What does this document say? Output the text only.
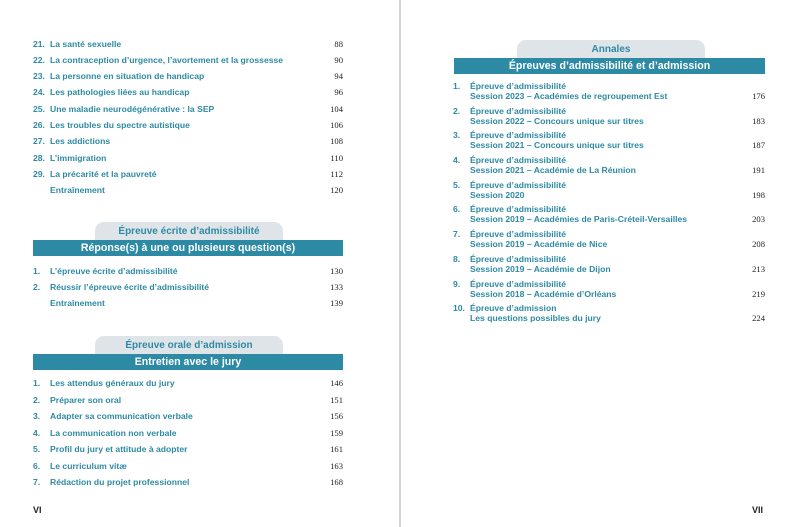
21. La santé sexuelle	88
22. La contraception d’urgence, l’avortement et la grossesse	90
23. La personne en situation de handicap	94
24. Les pathologies liées au handicap	96
25. Une maladie neurodégénérative : la SEP	104
26. Les troubles du spectre autistique	106
27. Les addictions	108
28. L’immigration	110
29. La précarité et la pauvreté	112
Entraînement	120
Épreuve écrite d’admissibilité
Réponse(s) à une ou plusieurs question(s)
1. L’épreuve écrite d’admissibilité	130
2. Réussir l’épreuve écrite d’admissibilité	133
Entraînement	139
Épreuve orale d’admission
Entretien avec le jury
1. Les attendus généraux du jury	146
2. Préparer son oral	151
3. Adapter sa communication verbale	156
4. La communication non verbale	159
5. Profil du jury et attitude à adopter	161
6. Le curriculum vitæ	163
7. Rédaction du projet professionnel	168
VI
Annales
Épreuves d’admissibilité et d’admission
1. Épreuve d’admissibilité
Session 2023 – Académies de regroupement Est	176
2. Épreuve d’admissibilité
Session 2022 – Concours unique sur titres	183
3. Épreuve d’admissibilité
Session 2021 – Concours unique sur titres	187
4. Épreuve d’admissibilité
Session 2021 – Académie de La Réunion	191
5. Épreuve d’admissibilité
Session 2020	198
6. Épreuve d’admissibilité
Session 2019 – Académies de Paris-Créteil-Versailles	203
7. Épreuve d’admissibilité
Session 2019 – Académie de Nice	208
8. Épreuve d’admissibilité
Session 2019 – Académie de Dijon	213
9. Épreuve d’admissibilité
Session 2018 – Académie d’Orléans	219
10. Épreuve d’admission
Les questions possibles du jury	224
VII
